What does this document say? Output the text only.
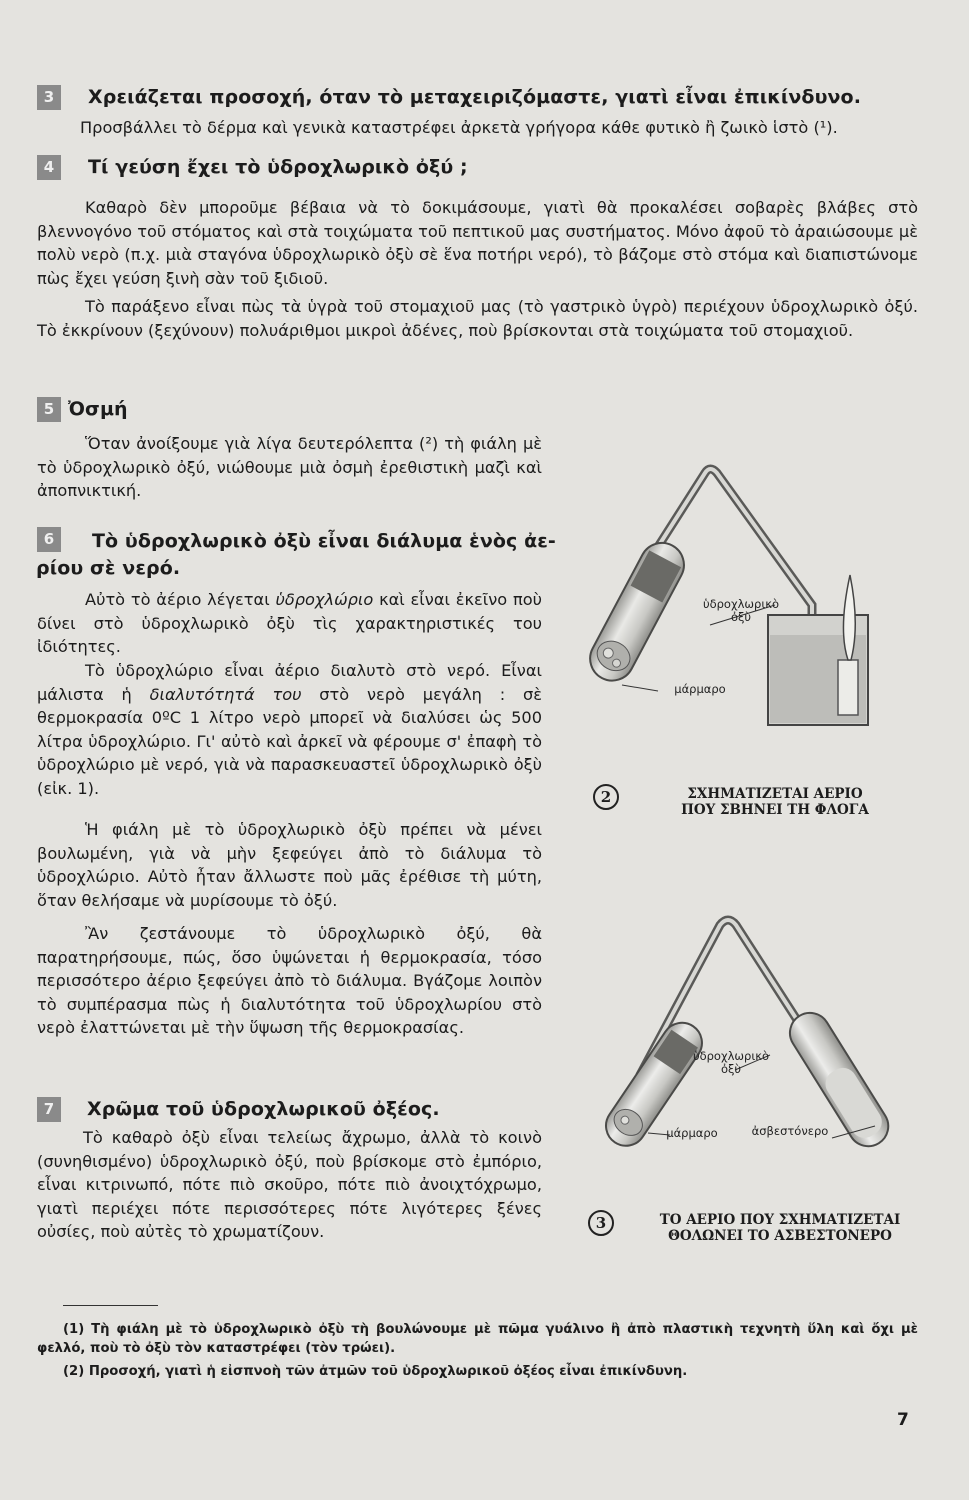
3	Χρειάζεται προσοχή, όταν τὸ μεταχειριζόμαστε, γιατὶ εἶναι ἐπικίνδυνο.

Προσβάλλει τὸ δέρμα καὶ γενικὰ καταστρέφει ἀρκετὰ γρήγορα κάθε φυτικὸ ἢ ζωικὸ ἱστὸ (¹).

4	Τί γεύση ἔχει τὸ ὑδροχλωρικὸ ὀξύ ;

Καθαρὸ δὲν μποροῦμε βέβαια νὰ τὸ δοκιμάσουμε, γιατὶ θὰ προκαλέσει σοβαρὲς βλάβες στὸ βλεννογόνο τοῦ στόματος καὶ στὰ τοιχώματα τοῦ πεπτικοῦ μας συστήματος. Μόνο ἀφοῦ τὸ ἀραιώσουμε μὲ πολὺ νερὸ (π.χ. μιὰ σταγόνα ὑδροχλωρικὸ ὀξὺ σὲ ἕνα ποτήρι νερό), τὸ βάζομε στὸ στόμα καὶ διαπιστώνομε πὼς ἔχει γεύση ξινὴ σὰν τοῦ ξιδιοῦ.

Τὸ παράξενο εἶναι πὼς τὰ ὑγρὰ τοῦ στομαχιοῦ μας (τὸ γαστρικὸ ὑγρὸ) περιέχουν ὑδροχλωρικὸ ὀξύ. Τὸ ἐκκρίνουν (ξεχύνουν) πολυάριθμοι μικροὶ ἀδένες, ποὺ βρίσκονται στὰ τοιχώματα τοῦ στομαχιοῦ.

5 Ὀσμή

Ὅταν ἀνοίξουμε γιὰ λίγα δευτερόλεπτα (²) τὴ φιάλη μὲ τὸ ὑδροχλωρικὸ ὀξύ, νιώθουμε μιὰ ὀσμὴ ἐρεθιστικὴ μαζὶ καὶ ἀποπνικτική.

6	Τὸ ὑδροχλωρικὸ ὀξὺ εἶναι διάλυμα ἑνὸς ἀε-
ρίου σὲ νερό.

Αὐτὸ τὸ ἀέριο λέγεται ὑδροχλώριο καὶ εἶναι ἐκεῖνο ποὺ δίνει στὸ ὑδροχλωρικὸ ὀξὺ τὶς χαρακτηριστικές του ἰδιότητες.

Τὸ ὑδροχλώριο εἶναι ἀέριο διαλυτὸ στὸ νερό. Εἶναι μάλιστα ἡ διαλυτότητά του στὸ νερὸ μεγάλη : σὲ θερμοκρασία 0ºC 1 λίτρο νερὸ μπορεῖ νὰ διαλύσει ὡς 500 λίτρα ὑδροχλώριο. Γι' αὐτὸ καὶ ἀρκεῖ νὰ φέρουμε σ' ἐπαφὴ τὸ ὑδροχλώριο μὲ νερό, γιὰ νὰ παρασκευαστεῖ ὑδροχλωρικὸ ὀξὺ (εἰκ. 1).

Ἡ φιάλη μὲ τὸ ὑδροχλωρικὸ ὀξὺ πρέπει νὰ μένει βουλωμένη, γιὰ νὰ μὴν ξεφεύγει ἀπὸ τὸ διάλυμα τὸ ὑδροχλώριο. Αὐτὸ ἦταν ἄλλωστε ποὺ μᾶς ἐρέθισε τὴ μύτη, ὅταν θελήσαμε νὰ μυρίσουμε τὸ ὀξύ.

Ἂν ζεστάνουμε τὸ ὑδροχλωρικὸ ὀξύ, θὰ παρατηρήσουμε, πώς, ὅσο ὑψώνεται ἡ θερμοκρασία, τόσο περισσότερο ἀέριο ξεφεύγει ἀπὸ τὸ διάλυμα. Βγάζομε λοιπὸν τὸ συμπέρασμα πὼς ἡ διαλυτότητα τοῦ ὑδροχλωρίου στὸ νερὸ ἐλαττώνεται μὲ τὴν ὕψωση τῆς θερμοκρασίας.

7	Χρῶμα τοῦ ὑδροχλωρικοῦ ὀξέος.

Τὸ καθαρὸ ὀξὺ εἶναι τελείως ἄχρωμο, ἀλλὰ τὸ κοινὸ (συνηθισμένο) ὑδροχλωρικὸ ὀξύ, ποὺ βρίσκομε στὸ ἐμπόριο, εἶναι κιτρινωπό, πότε πιὸ σκοῦρο, πότε πιὸ ἀνοιχτόχρωμο, γιατὶ περιέχει πότε περισσότερες πότε λιγότερες ξένες οὐσίες, ποὺ αὐτὲς τὸ χρωματίζουν.

ὑδροχλωρικὸ
ὀξὺ
μάρμαρο
2	ΣΧΗΜΑΤΙΖΕΤΑΙ ΑΕΡΙΟ
ΠΟΥ ΣΒΗΝΕΙ ΤΗ ΦΛΟΓΑ
ὑδροχλωρικὸ
ὀξὺ
μάρμαρο	ἀσβεστόνερο
3	ΤΟ ΑΕΡΙΟ ΠΟΥ ΣΧΗΜΑΤΙΖΕΤΑΙ
ΘΟΛΩΝΕΙ ΤΟ ΑΣΒΕΣΤΟΝΕΡΟ

(1) Τὴ φιάλη μὲ τὸ ὑδροχλωρικὸ ὀξὺ τὴ βουλώνουμε μὲ πῶμα γυάλινο ἢ ἀπὸ πλαστικὴ τεχνητὴ ὕλη καὶ ὄχι μὲ φελλό, ποὺ τὸ ὀξὺ τὸν καταστρέφει (τὸν τρώει).

(2) Προσοχή, γιατὶ ἡ εἰσπνοὴ τῶν ἀτμῶν τοῦ ὑδροχλωρικοῦ ὀξέος εἶναι ἐπικίνδυνη.

7
